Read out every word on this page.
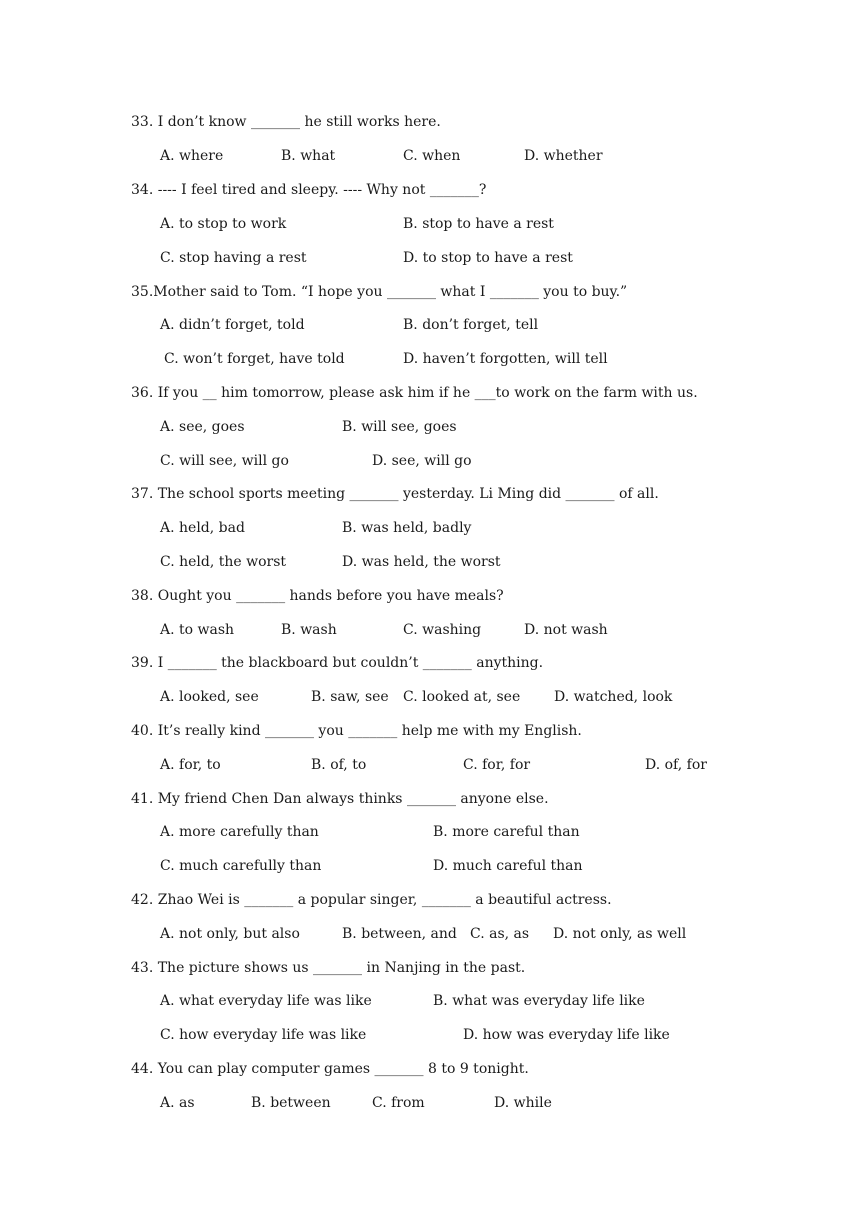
33. I don’t know _______ he still works here.
A. where	B. what	C. when	D. whether
34. ---- I feel tired and sleepy. ---- Why not _______?
A. to stop to work	B. stop to have a rest
C. stop having a rest	D. to stop to have a rest
35.Mother said to Tom. “I hope you _______ what I _______ you to buy.”
A. didn’t forget, told	B. don’t forget, tell
C. won’t forget, have told	D. haven’t forgotten, will tell
36. If you __ him tomorrow, please ask him if he ___to work on the farm with us.
A. see, goes	B. will see, goes
C. will see, will go	D. see, will go
37. The school sports meeting _______ yesterday. Li Ming did _______ of all.
A. held, bad	B. was held, badly
C. held, the worst	D. was held, the worst
38. Ought you _______ hands before you have meals?
A. to wash	B. wash	C. washing	D. not wash
39. I _______ the blackboard but couldn’t _______ anything.
A. looked, see	B. saw, see C. looked at, see D. watched, look
40. It’s really kind _______ you _______ help me with my English.
A. for, to	B. of, to	C. for, for	D. of, for
41. My friend Chen Dan always thinks _______ anyone else.
A. more carefully than	B. more careful than
C. much carefully than	D. much careful than
42. Zhao Wei is _______ a popular singer, _______ a beautiful actress.
A. not only, but also	B. between, and C. as, as D. not only, as well
43. The picture shows us _______ in Nanjing in the past.
A. what everyday life was like	B. what was everyday life like
C. how everyday life was like	D. how was everyday life like
44. You can play computer games _______ 8 to 9 tonight.
A. as	B. between	C. from	D. while
